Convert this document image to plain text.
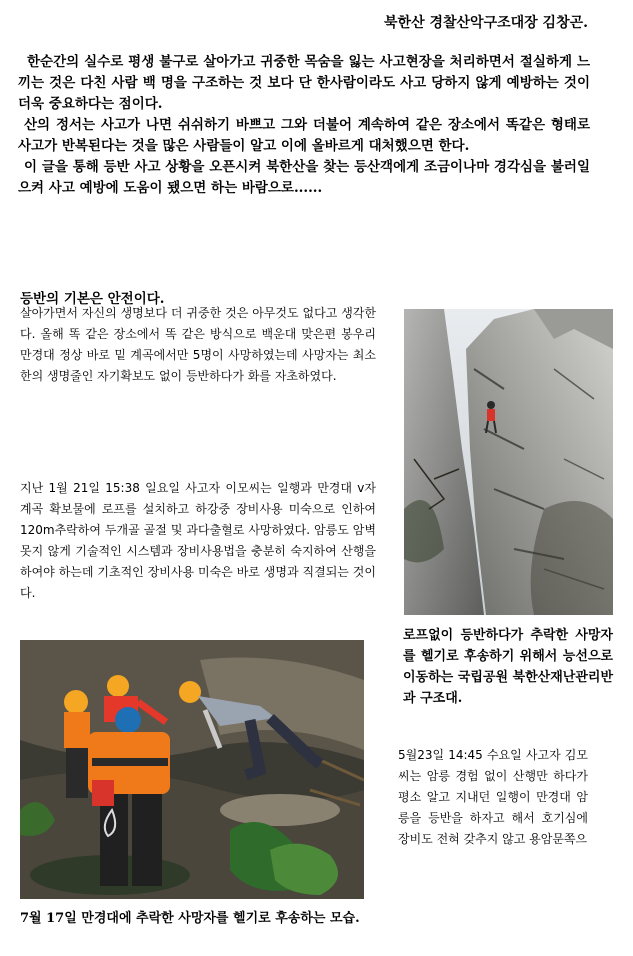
북한산 경찰산악구조대장 김창곤.

한순간의 실수로 평생 불구로 살아가고 귀중한 목숨을 잃는 사고현장을 처리하면서 절실하게 느끼는 것은 다친 사람 백 명을 구조하는 것 보다 단 한사람이라도 사고 당하지 않게 예방하는 것이 더욱 중요하다는 점이다.

산의 정서는 사고가 나면 쉬쉬하기 바쁘고 그와 더불어 계속하여 같은 장소에서 똑같은 형태로 사고가 반복된다는 것을 많은 사람들이 알고 이에 올바르게 대처했으면 한다.

이 글을 통해 등반 사고 상황을 오픈시켜 북한산을 찾는 등산객에게 조금이나마 경각심을 불러일으켜 사고 예방에 도움이 됐으면 하는 바람으로......

등반의 기본은 안전이다.
살아가면서 자신의 생명보다 더 귀중한 것은 아무것도 없다고 생각한다. 올해 똑 같은 장소에서 똑 같은 방식으로 백운대 맞은편 봉우리 만경대 정상 바로 밑 계곡에서만 5명이 사망하였는데 사망자는 최소한의 생명줄인 자기확보도 없이 등반하다가 화를 자초하였다.
지난 1월 21일 15:38 일요일 사고자 이모씨는 일행과 만경대 v자 계곡 확보물에 로프를 설치하고 하강중 장비사용 미숙으로 인하여 120m추락하여 두개골 골절 및 과다출혈로 사망하였다. 암릉도 암벽 못지 않게 기술적인 시스템과 장비사용법을 충분히 숙지하여 산행을 하여야 하는데 기초적인 장비사용 미숙은 바로 생명과 직결되는 것이다.
로프없이 등반하다가 추락한 사망자를 헬기로 후송하기 위해서 능선으로 이동하는 국립공원 북한산재난관리반과 구조대.
5월23일 14:45 수요일 사고자 김모씨는 암릉 경험 없이 산행만 하다가 평소 알고 지내던 일행이 만경대 암릉을 등반을 하자고 해서 호기심에 장비도 전혀 갖추지 않고 용암문쪽으
7월 17일 만경대에 추락한 사망자를 헬기로 후송하는 모습.
